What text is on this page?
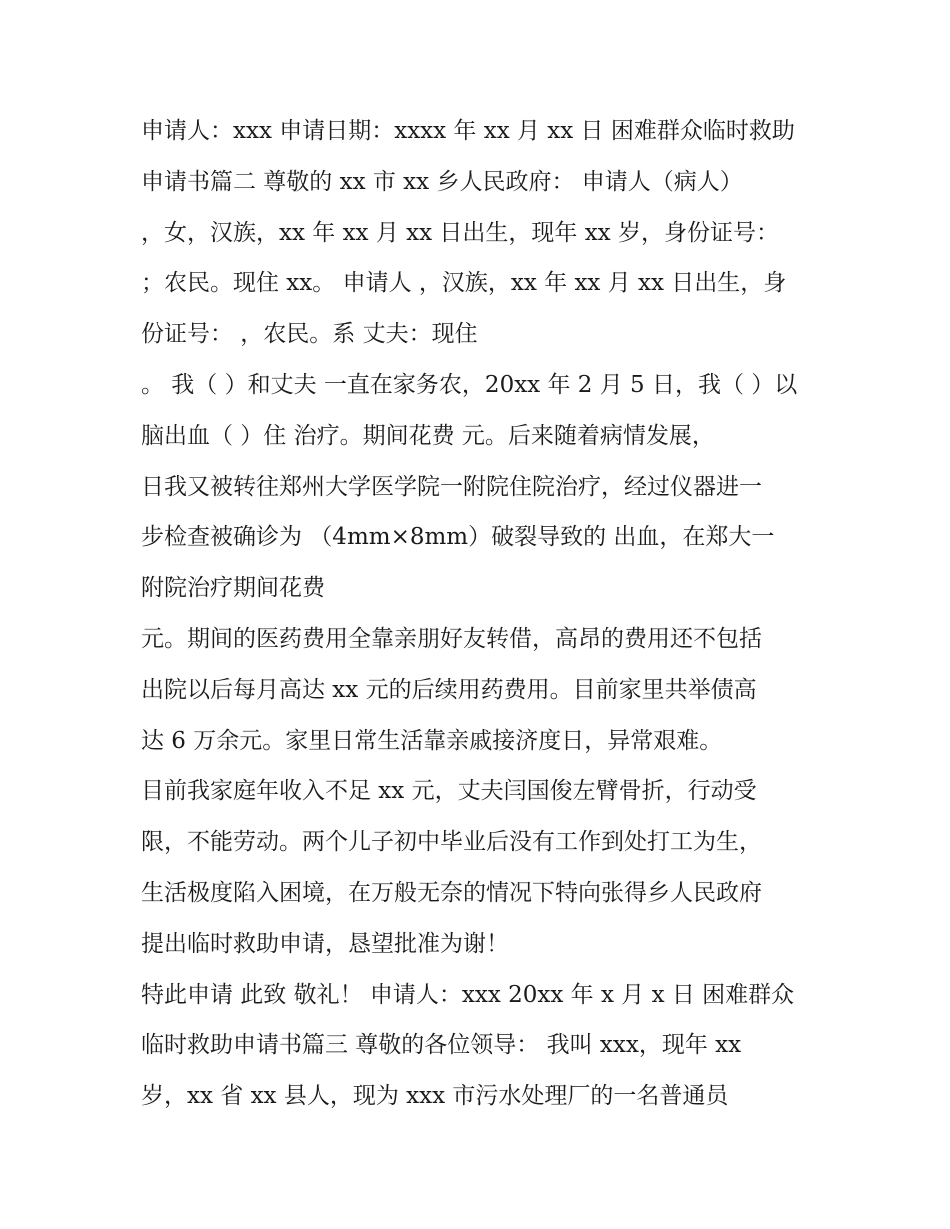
申请人：xxx 申请日期：xxxx 年 xx 月 xx 日 困难群众临时救助
申请书篇二 尊敬的 xx 市 xx 乡人民政府： 申请人（病人）
，女，汉族，xx 年 xx 月 xx 日出生，现年 xx 岁，身份证号：
；农民。现住 xx。 申请人 ，汉族，xx 年 xx 月 xx 日出生，身
份证号： ，农民。系 丈夫：现住
。 我（ ）和丈夫 一直在家务农，20xx 年 2 月 5 日，我（ ）以
脑出血（ ）住 治疗。期间花费 元。后来随着病情发展，
日我又被转往郑州大学医学院一附院住院治疗，经过仪器进一
步检查被确诊为 （4mm×8mm）破裂导致的 出血，在郑大一
附院治疗期间花费
元。期间的医药费用全靠亲朋好友转借，高昂的费用还不包括
出院以后每月高达 xx 元的后续用药费用。目前家里共举债高
达 6 万余元。家里日常生活靠亲戚接济度日，异常艰难。
目前我家庭年收入不足 xx 元，丈夫闫国俊左臂骨折，行动受
限，不能劳动。两个儿子初中毕业后没有工作到处打工为生，
生活极度陷入困境，在万般无奈的情况下特向张得乡人民政府
提出临时救助申请，恳望批准为谢！
特此申请 此致 敬礼！ 申请人：xxx 20xx 年 x 月 x 日 困难群众
临时救助申请书篇三 尊敬的各位领导： 我叫 xxx，现年 xx
岁，xx 省 xx 县人，现为 xxx 市污水处理厂的一名普通员
